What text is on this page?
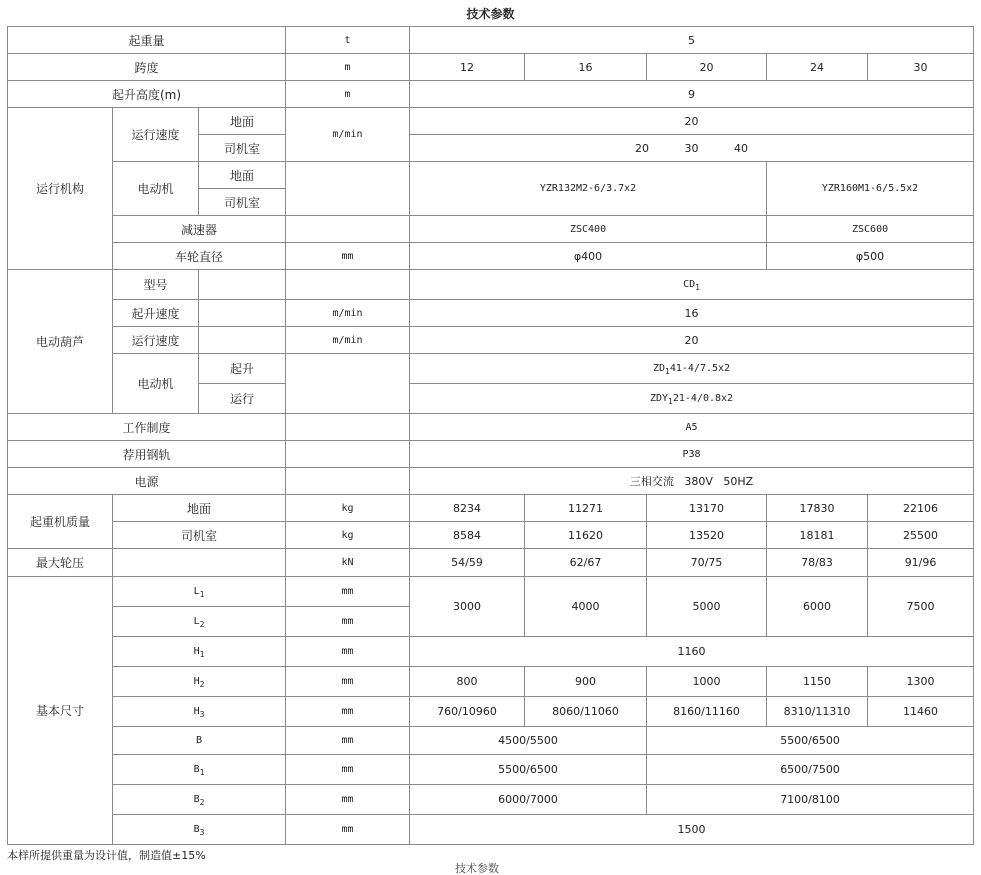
技术参数
起重量			t	5				
跨度			m	12	16	20	24	30
起升高度(m)			m	9				
运行机构	运行速度	地面	m/min	20				
		司机室		20 30 40				
	电动机	地面		YZR132M2-6/3.7x2			YZR160M1-6/5.5x2	
		司机室						
	减速器			ZSC400			ZSC600	
	车轮直径		mm	φ400			φ500	
电动葫芦	型号			$CD_1$
	起升速度		m/min	16				
	运行速度		m/min	20				
	电动机	起升		$ZD_141-4/7.5x2$				
		运行		$ZDY_121-4/0.8x2$				
工作制度				A5				
荐用钢轨				P38				
电源				三相交流   380V   50HZ				
起重机质量	地面		kg	8234	11271	13170	17830	22106
	司机室		kg	8584	11620	13520	18181	25500
最大轮压			kN	54/59	62/67	70/75	78/83	91/96
基本尺寸	$L_1$		mm	3000	4000	5000	6000	7500
	$L_2$		mm					
	$H_1$		mm	1160				
	$H_2$		mm	800	900	1000	1150	1300
	$H_3$		mm	760/10960	8060/11060	8160/11160	8310/11310	11460
	B		mm	4500/5500		5500/6500		
	$B_1$		mm	5500/6500		6500/7500		
	$B_2$		mm	6000/7000		7100/8100		
	$B_3$		mm	1500				
本样所提供重量为设计值，制造值±15%
技术参数
